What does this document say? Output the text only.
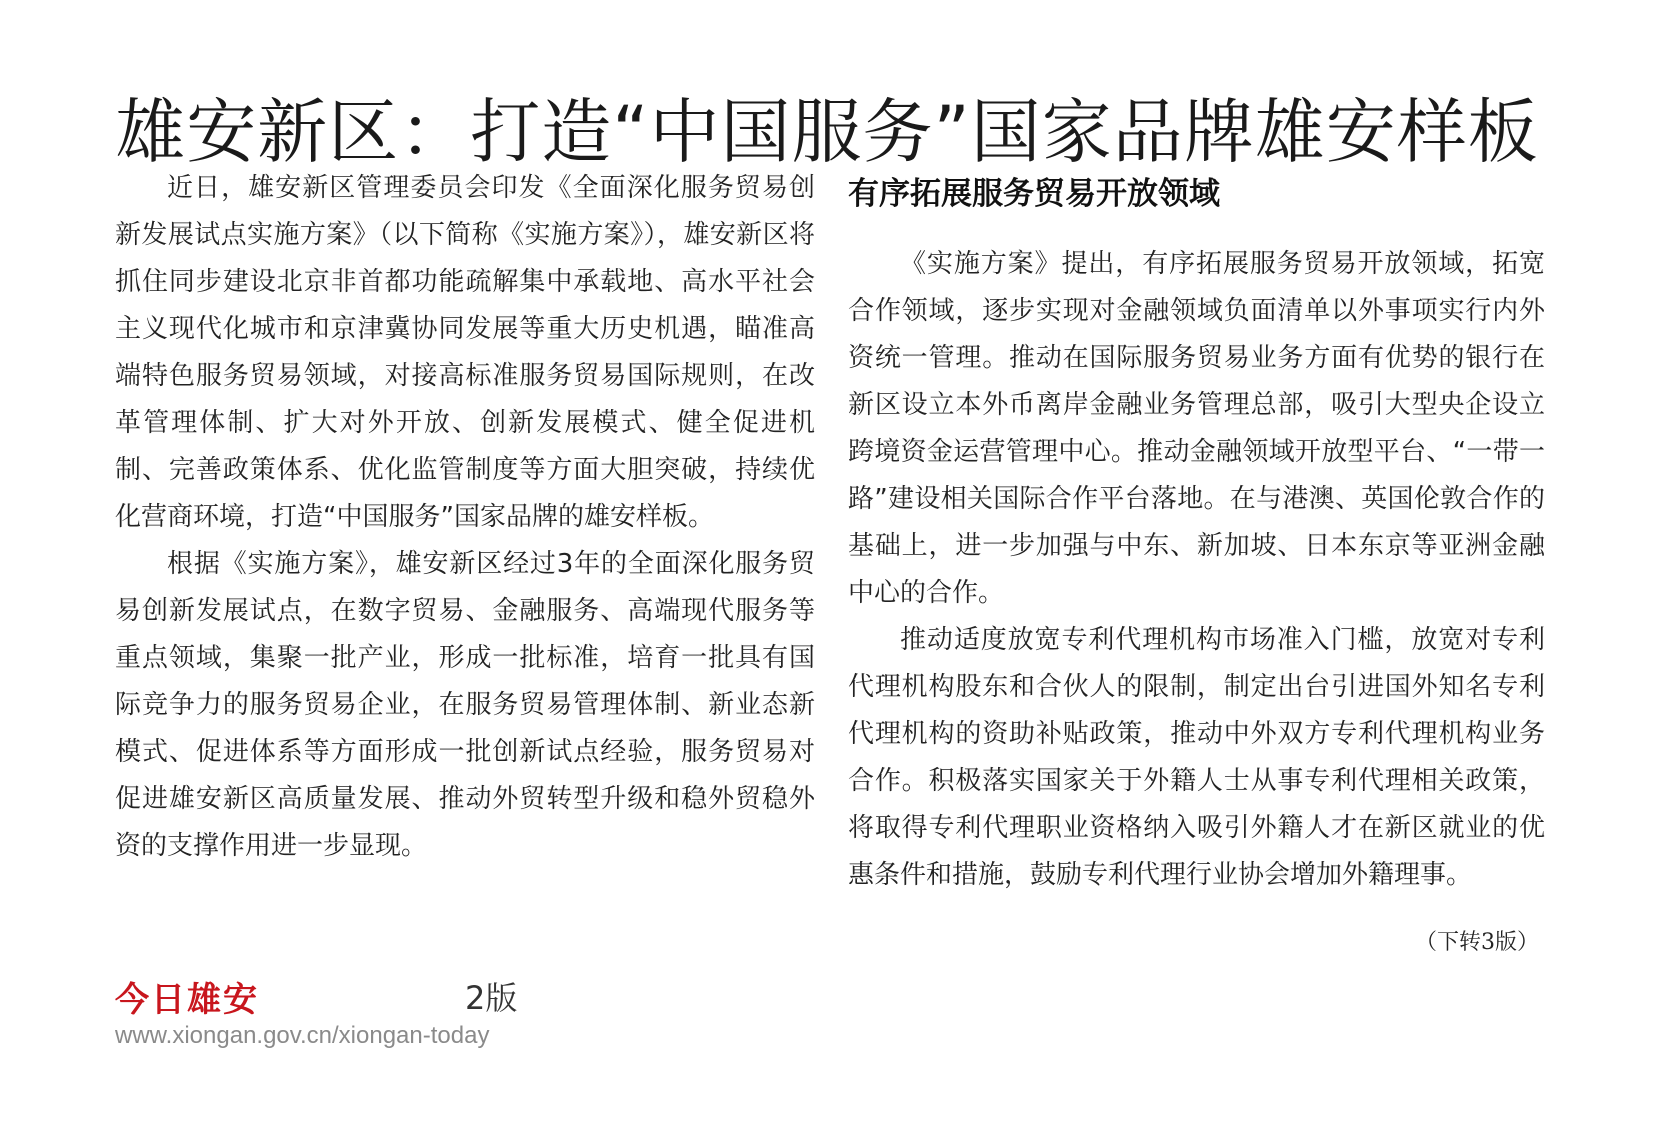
雄安新区：打造“中国服务”国家品牌雄安样板

近日，雄安新区管理委员会印发《全面深化服务贸易创新发展试点实施方案》（以下简称《实施方案》），雄安新区将抓住同步建设北京非首都功能疏解集中承载地、高水平社会主义现代化城市和京津冀协同发展等重大历史机遇，瞄准高端特色服务贸易领域，对接高标准服务贸易国际规则，在改革管理体制、扩大对外开放、创新发展模式、健全促进机制、完善政策体系、优化监管制度等方面大胆突破，持续优化营商环境，打造“中国服务”国家品牌的雄安样板。

根据《实施方案》，雄安新区经过3年的全面深化服务贸易创新发展试点，在数字贸易、金融服务、高端现代服务等重点领域，集聚一批产业，形成一批标准，培育一批具有国际竞争力的服务贸易企业，在服务贸易管理体制、新业态新模式、促进体系等方面形成一批创新试点经验，服务贸易对促进雄安新区高质量发展、推动外贸转型升级和稳外贸稳外资的支撑作用进一步显现。

有序拓展服务贸易开放领域

《实施方案》提出，有序拓展服务贸易开放领域，拓宽合作领域，逐步实现对金融领域负面清单以外事项实行内外资统一管理。推动在国际服务贸易业务方面有优势的银行在新区设立本外币离岸金融业务管理总部，吸引大型央企设立跨境资金运营管理中心。推动金融领域开放型平台、“一带一路”建设相关国际合作平台落地。在与港澳、英国伦敦合作的基础上，进一步加强与中东、新加坡、日本东京等亚洲金融中心的合作。

推动适度放宽专利代理机构市场准入门槛，放宽对专利代理机构股东和合伙人的限制，制定出台引进国外知名专利代理机构的资助补贴政策，推动中外双方专利代理机构业务合作。积极落实国家关于外籍人士从事专利代理相关政策，将取得专利代理职业资格纳入吸引外籍人才在新区就业的优惠条件和措施，鼓励专利代理行业协会增加外籍理事。

（下转3版）
今日雄安	2版
www.xiongan.gov.cn/xiongan-today
